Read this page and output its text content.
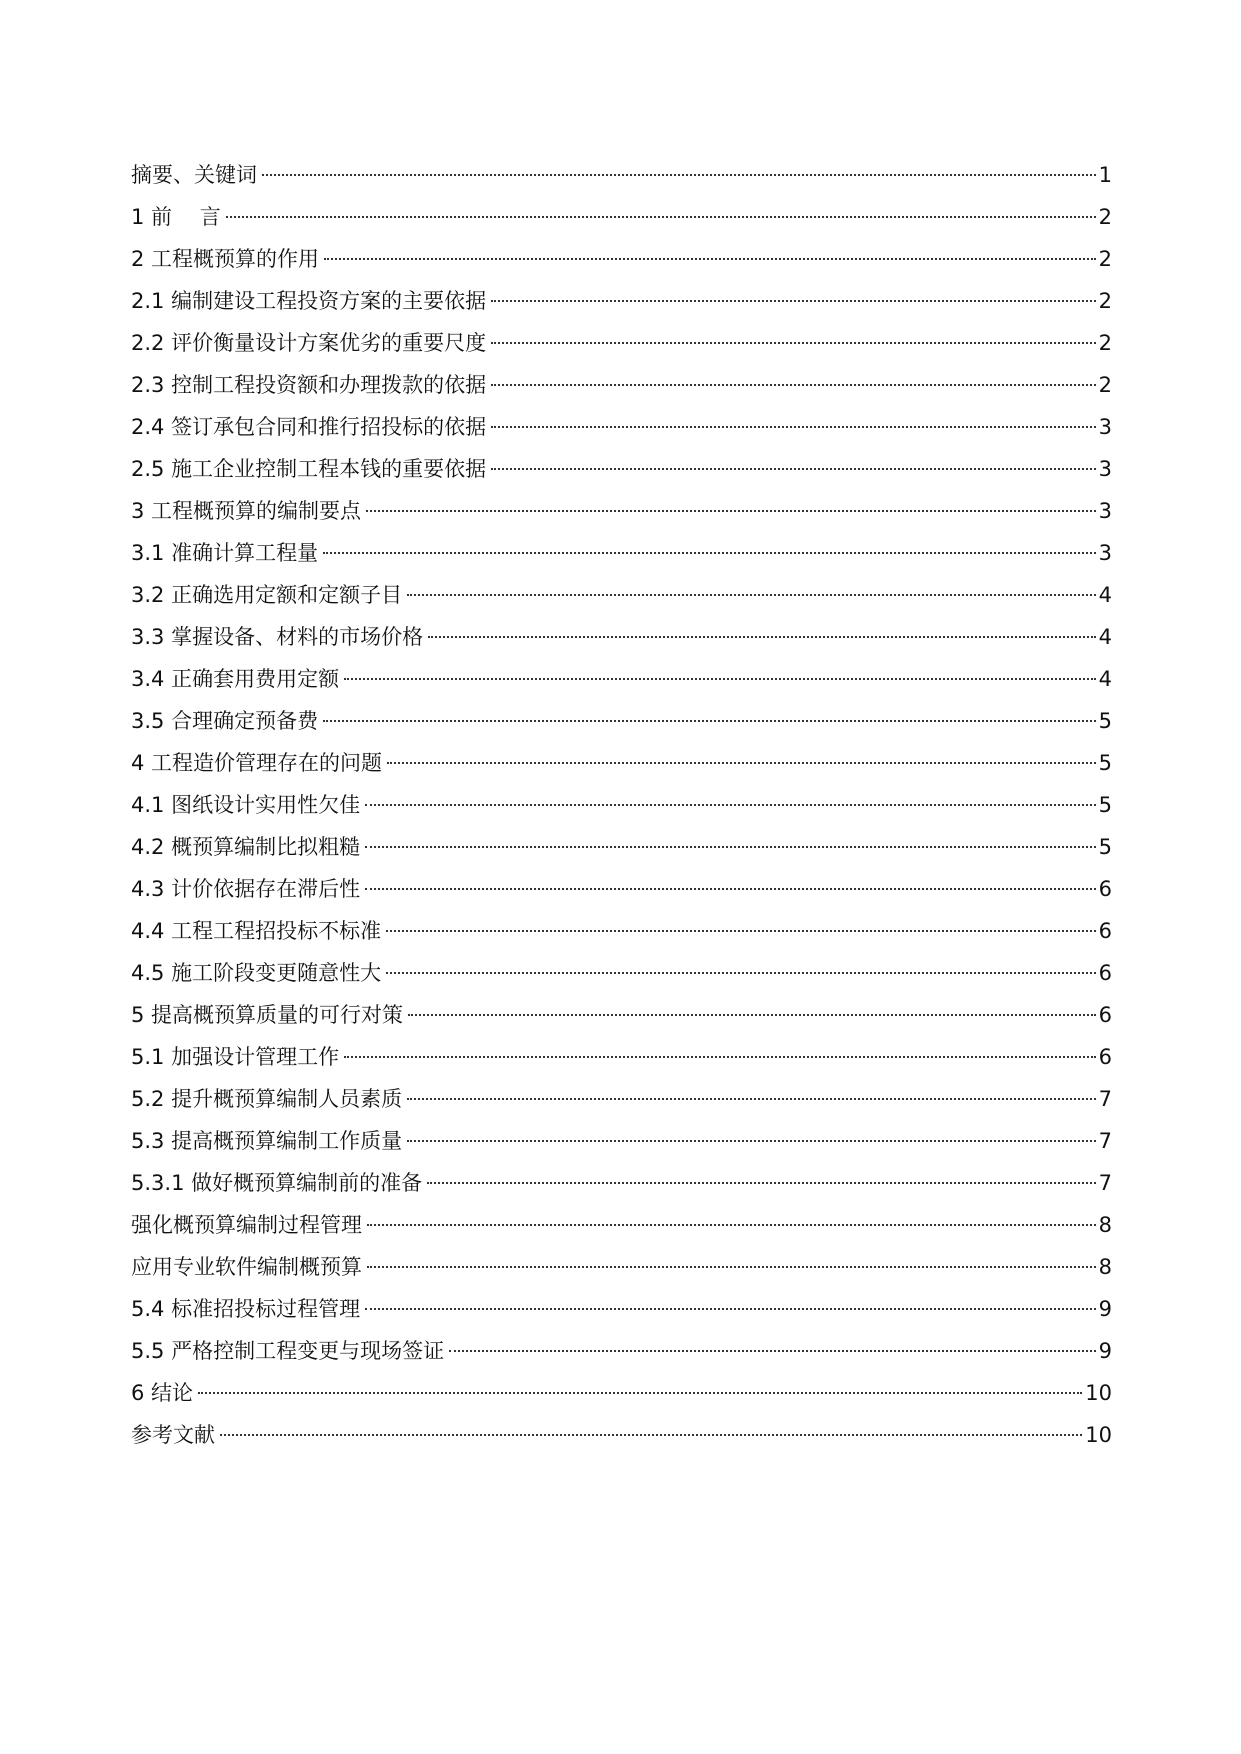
摘要、关键词	1
1 前　 言	2
2 工程概预算的作用	2
2.1 编制建设工程投资方案的主要依据	2
2.2 评价衡量设计方案优劣的重要尺度	2
2.3 控制工程投资额和办理拨款的依据	2
2.4 签订承包合同和推行招投标的依据	3
2.5 施工企业控制工程本钱的重要依据	3
3 工程概预算的编制要点	3
3.1 准确计算工程量	3
3.2 正确选用定额和定额子目	4
3.3 掌握设备、材料的市场价格	4
3.4 正确套用费用定额	4
3.5 合理确定预备费	5
4 工程造价管理存在的问题	5
4.1 图纸设计实用性欠佳	5
4.2 概预算编制比拟粗糙	5
4.3 计价依据存在滞后性	6
4.4 工程工程招投标不标准	6
4.5 施工阶段变更随意性大	6
5 提高概预算质量的可行对策	6
5.1 加强设计管理工作	6
5.2 提升概预算编制人员素质	7
5.3 提高概预算编制工作质量	7
5.3.1 做好概预算编制前的准备	7
强化概预算编制过程管理	8
应用专业软件编制概预算	8
5.4 标准招投标过程管理	9
5.5 严格控制工程变更与现场签证	9
6 结论	10
参考文献	10
